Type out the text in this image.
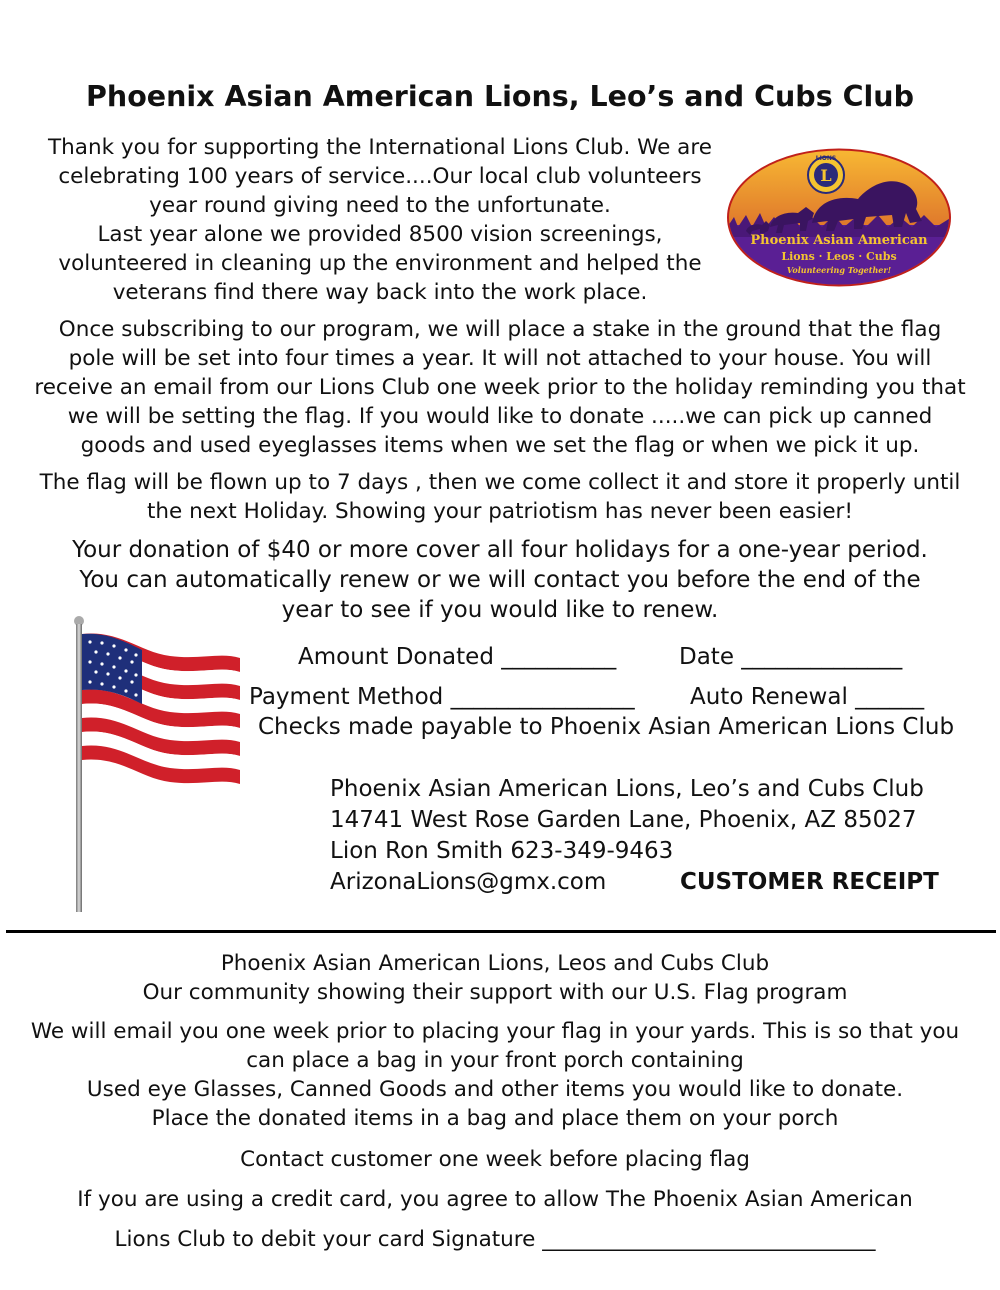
Phoenix Asian American Lions, Leo’s and Cubs Club
Thank you for supporting the International Lions Club. We are
celebrating 100 years of service....Our local club volunteers
year round giving need to the unfortunate.
Last year alone we provided 8500 vision screenings,
volunteered in cleaning up the environment and helped the
veterans find there way back into the work place.
L
LIONS
Phoenix Asian American
Lions · Leos · Cubs
Volunteering Together!
Once subscribing to our program, we will place a stake in the ground that the flag
pole will be set into four times a year. It will not attached to your house. You will
receive an email from our Lions Club one week prior to the holiday reminding you that
we will be setting the flag. If you would like to donate .....we can pick up canned
goods and used eyeglasses items when we set the flag or when we pick it up.
The flag will be flown up to 7 days , then we come collect it and store it properly until
the next Holiday. Showing your patriotism has never been easier!
Your donation of $40 or more cover all four holidays for a one-year period.
You can automatically renew or we will contact you before the end of the
year to see if you would like to renew.
Amount Donated __________	Date ______________
Payment Method ________________ Auto Renewal ______
Checks made payable to Phoenix Asian American Lions Club
Phoenix Asian American Lions, Leo’s and Cubs Club
14741 West Rose Garden Lane, Phoenix, AZ 85027
Lion Ron Smith 623-349-9463
ArizonaLions@gmx.com	CUSTOMER RECEIPT
Phoenix Asian American Lions, Leos and Cubs Club
Our community showing their support with our U.S. Flag program
We will email you one week prior to placing your flag in your yards. This is so that you
can place a bag in your front porch containing
Used eye Glasses, Canned Goods and other items you would like to donate.
Place the donated items in a bag and place them on your porch
Contact customer one week before placing flag
If you are using a credit card, you agree to allow The Phoenix Asian American
Lions Club to debit your card Signature _______________________________
